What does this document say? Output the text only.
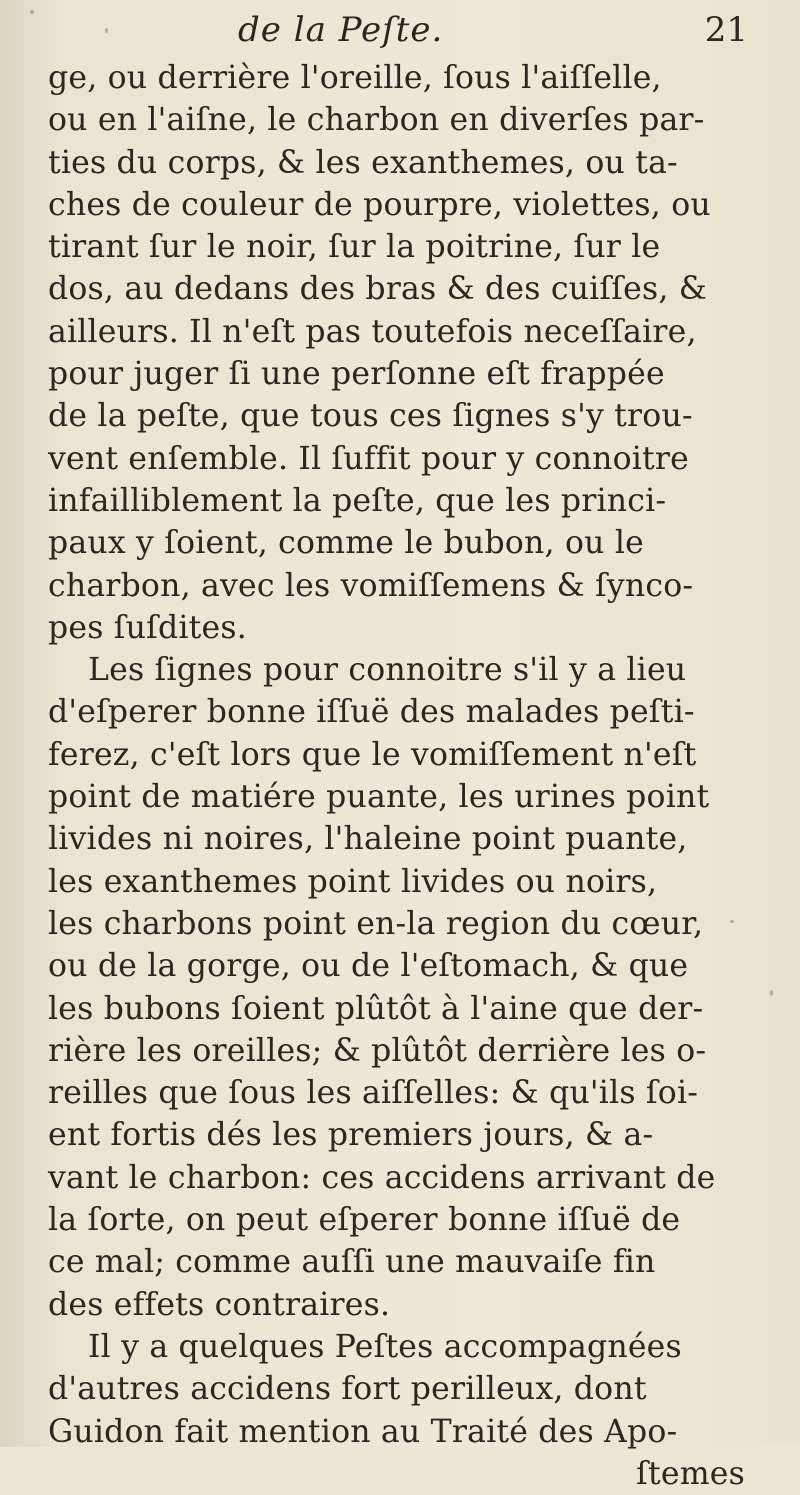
de la Peſte.	21
ge, ou derrière l'oreille, ſous l'aiſſelle,
ou en l'aiſne, le charbon en diverſes par-
ties du corps, & les exanthemes, ou ta-
ches de couleur de pourpre, violettes, ou
tirant ſur le noir, ſur la poitrine, ſur le
dos, au dedans des bras & des cuiſſes, &
ailleurs. Il n'eſt pas toutefois neceſſaire,
pour juger ſi une perſonne eſt frappée
de la peſte, que tous ces ſignes s'y trou-
vent enſemble. Il ſuffit pour y connoitre
infailliblement la peſte, que les princi-
paux y ſoient, comme le bubon, ou le
charbon, avec les vomiſſemens & ſynco-
pes ſuſdites.
Les ſignes pour connoitre s'il y a lieu
d'eſperer bonne iſſuë des malades peſti-
ferez, c'eſt lors que le vomiſſement n'eſt
point de matiére puante, les urines point
livides ni noires, l'haleine point puante,
les exanthemes point livides ou noirs,
les charbons point en-la region du cœur,
ou de la gorge, ou de l'eſtomach, & que
les bubons ſoient plûtôt à l'aine que der-
rière les oreilles; & plûtôt derrière les o-
reilles que ſous les aiſſelles: & qu'ils ſoi-
ent fortis dés les premiers jours, & a-
vant le charbon: ces accidens arrivant de
la ſorte, on peut eſperer bonne iſſuë de
ce mal; comme auſſi une mauvaiſe fin
des effets contraires.
Il y a quelques Peſtes accompagnées
d'autres accidens fort perilleux, dont
Guidon fait mention au Traité des Apo-
ſtemes
